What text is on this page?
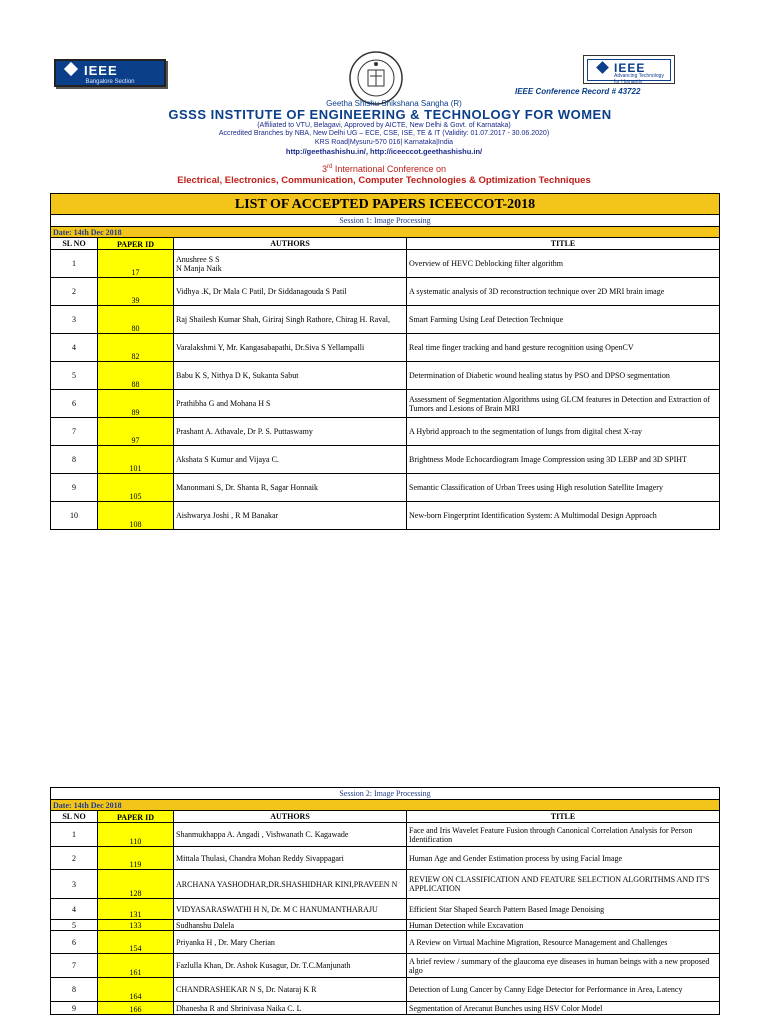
IEEE
Bangalore Section
IEEE
Advancing Technology for Humanity
IEEE Conference Record # 43722
Geetha Shishu Shikshana Sangha (R)
GSSS INSTITUTE OF ENGINEERING & TECHNOLOGY FOR WOMEN
(Affiliated to VTU, Belagavi, Approved by AICTE, New Delhi & Govt. of Karnataka)
Accredited Branches by NBA, New Delhi UG – ECE, CSE, ISE, TE & IT (Validity: 01.07.2017 - 30.06.2020)
KRS Road|Mysuru-570 016| Karnataka|India
http://geethashishu.in/, http://iceeccot.geethashishu.in/
3rd International Conference on
Electrical, Electronics, Communication, Computer Technologies & Optimization Techniques
LIST OF ACCEPTED PAPERS ICEECCOT-2018			
Session 1: Image Processing			
Date: 14th Dec 2018			
SL NO	PAPER ID	AUTHORS	TITLE
1	17	Anushree S S
N Manja Naik	Overview of HEVC Deblocking filter algorithm
2	39	Vidhya .K, Dr Mala C Patil, Dr Siddanagouda S Patil	A systematic analysis of 3D reconstruction technique over 2D MRI brain image
3	80	Raj Shailesh Kumar Shah, Giriraj Singh Rathore, Chirag H. Raval,	Smart Farming Using Leaf Detection Technique
4	82	Varalakshmi Y, Mr. Kangasabapathi, Dr.Siva S Yellampalli	Real time finger tracking and hand gesture recognition using OpenCV
5	88	Babu K S, Nithya D K, Sukanta Sabut	Determination of Diabetic wound healing status by PSO and DPSO segmentation
6	89	Prathibha G and Mohana H S	Assessment of Segmentation Algorithms using GLCM features in Detection and Extraction of Tumors and Lesions of Brain MRI
7	97	Prashant A. Athavale, Dr P. S. Puttaswamy	A Hybrid approach to the segmentation of lungs from digital chest X-ray
8	101	Akshata S Kumur and Vijaya C.	Brightness Mode Echocardiogram Image Compression using 3D LEBP and 3D SPIHT
9	105	Manonmani S, Dr. Shanta R, Sagar Honnaik	Semantic Classification of Urban Trees using High resolution Satellite Imagery
10	108	Aishwarya Joshi , R M Banakar	New-born Fingerprint Identification System: A Multimodal Design Approach
Session 2: Image Processing			
Date: 14th Dec 2018			
SL NO	PAPER ID	AUTHORS	TITLE
1	110	Shanmukhappa A. Angadi , Vishwanath C. Kagawade	Face and Iris Wavelet Feature Fusion through Canonical Correlation Analysis for Person Identification
2	119	Mittala Thulasi, Chandra Mohan Reddy Sivappagari	Human Age and Gender Estimation process by using Facial Image
3	128	ARCHANA YASHODHAR,DR.SHASHIDHAR KINI,PRAVEEN N	REVIEW ON CLASSIFICATION AND FEATURE SELECTION ALGORITHMS AND IT'S APPLICATION
4	131	VIDYASARASWATHI H N, Dr. M C HANUMANTHARAJU	Efficient Star Shaped Search Pattern Based Image Denoising
5	133	Sudhanshu Dalela	Human Detection while Excavation
6	154	Priyanka H , Dr. Mary Cherian	A Review on Virtual Machine Migration, Resource Management and Challenges
7	161	Fazlulla Khan, Dr. Ashok Kusagur, Dr. T.C.Manjunath	A brief review / summary of the glaucoma eye diseases in human beings with a new proposed algo
8	164	CHANDRASHEKAR N S, Dr. Nataraj K R	Detection of Lung Cancer by Canny Edge Detector for Performance in Area, Latency
9	166	Dhanesha R and Shrinivasa Naika C. L	Segmentation of Arecanut Bunches using HSV Color Model
